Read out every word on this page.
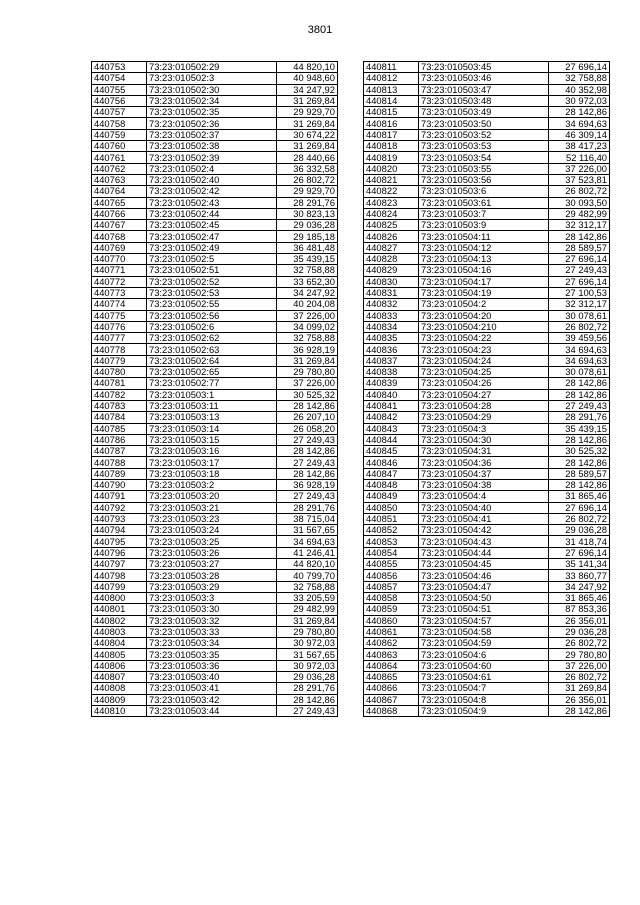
3801
440753	73:23:010502:29	44 820,10
440754	73:23:010502:3	40 948,60
440755	73:23:010502:30	34 247,92
440756	73:23:010502:34	31 269,84
440757	73:23:010502:35	29 929,70
440758	73:23:010502:36	31 269,84
440759	73:23:010502:37	30 674,22
440760	73:23:010502:38	31 269,84
440761	73:23:010502:39	28 440,66
440762	73:23:010502:4	36 332,58
440763	73:23:010502:40	26 802,72
440764	73:23:010502:42	29 929,70
440765	73:23:010502:43	28 291,76
440766	73:23:010502:44	30 823,13
440767	73:23:010502:45	29 036,28
440768	73:23:010502:47	29 185,18
440769	73:23:010502:49	36 481,48
440770	73:23:010502:5	35 439,15
440771	73:23:010502:51	32 758,88
440772	73:23:010502:52	33 652,30
440773	73:23:010502:53	34 247,92
440774	73:23:010502:55	40 204,08
440775	73:23:010502:56	37 226,00
440776	73:23:010502:6	34 099,02
440777	73:23:010502:62	32 758,88
440778	73:23:010502:63	36 928,19
440779	73:23:010502:64	31 269,84
440780	73:23:010502:65	29 780,80
440781	73:23:010502:77	37 226,00
440782	73:23:010503:1	30 525,32
440783	73:23:010503:11	28 142,86
440784	73:23:010503:13	26 207,10
440785	73:23:010503:14	26 058,20
440786	73:23:010503:15	27 249,43
440787	73:23:010503:16	28 142,86
440788	73:23:010503:17	27 249,43
440789	73:23:010503:18	28 142,86
440790	73:23:010503:2	36 928,19
440791	73:23:010503:20	27 249,43
440792	73:23:010503:21	28 291,76
440793	73:23:010503:23	38 715,04
440794	73:23:010503:24	31 567,65
440795	73:23:010503:25	34 694,63
440796	73:23:010503:26	41 246,41
440797	73:23:010503:27	44 820,10
440798	73:23:010503:28	40 799,70
440799	73:23:010503:29	32 758,88
440800	73:23:010503:3	33 205,59
440801	73:23:010503:30	29 482,99
440802	73:23:010503:32	31 269,84
440803	73:23:010503:33	29 780,80
440804	73:23:010503:34	30 972,03
440805	73:23:010503:35	31 567,65
440806	73:23:010503:36	30 972,03
440807	73:23:010503:40	29 036,28
440808	73:23:010503:41	28 291,76
440809	73:23:010503:42	28 142,86
440810	73:23:010503:44	27 249,43
440811	73:23:010503:45	27 696,14
440812	73:23:010503:46	32 758,88
440813	73:23:010503:47	40 352,98
440814	73:23:010503:48	30 972,03
440815	73:23:010503:49	28 142,86
440816	73:23:010503:50	34 694,63
440817	73:23:010503:52	46 309,14
440818	73:23:010503:53	38 417,23
440819	73:23:010503:54	52 116,40
440820	73:23:010503:55	37 226,00
440821	73:23:010503:56	37 523,81
440822	73:23:010503:6	26 802,72
440823	73:23:010503:61	30 093,50
440824	73:23:010503:7	29 482,99
440825	73:23:010503:9	32 312,17
440826	73:23:010504:11	28 142,86
440827	73:23:010504:12	28 589,57
440828	73:23:010504:13	27 696,14
440829	73:23:010504:16	27 249,43
440830	73:23:010504:17	27 696,14
440831	73:23:010504:19	27 100,53
440832	73:23:010504:2	32 312,17
440833	73:23:010504:20	30 078,61
440834	73:23:010504:210	26 802,72
440835	73:23:010504:22	39 459,56
440836	73:23:010504:23	34 694,63
440837	73:23:010504:24	34 694,63
440838	73:23:010504:25	30 078,61
440839	73:23:010504:26	28 142,86
440840	73:23:010504:27	28 142,86
440841	73:23:010504:28	27 249,43
440842	73:23:010504:29	28 291,76
440843	73:23:010504:3	35 439,15
440844	73:23:010504:30	28 142,86
440845	73:23:010504:31	30 525,32
440846	73:23:010504:36	28 142,86
440847	73:23:010504:37	28 589,57
440848	73:23:010504:38	28 142,86
440849	73:23:010504:4	31 865,46
440850	73:23:010504:40	27 696,14
440851	73:23:010504:41	26 802,72
440852	73:23:010504:42	29 036,28
440853	73:23:010504:43	31 418,74
440854	73:23:010504:44	27 696,14
440855	73:23:010504:45	35 141,34
440856	73:23:010504:46	33 860,77
440857	73:23:010504:47	34 247,92
440858	73:23:010504:50	31 865,46
440859	73:23:010504:51	87 853,36
440860	73:23:010504:57	26 356,01
440861	73:23:010504:58	29 036,28
440862	73:23:010504:59	26 802,72
440863	73:23:010504:6	29 780,80
440864	73:23:010504:60	37 226,00
440865	73:23:010504:61	26 802,72
440866	73:23:010504:7	31 269,84
440867	73:23:010504:8	26 356,01
440868	73:23:010504:9	28 142,86
